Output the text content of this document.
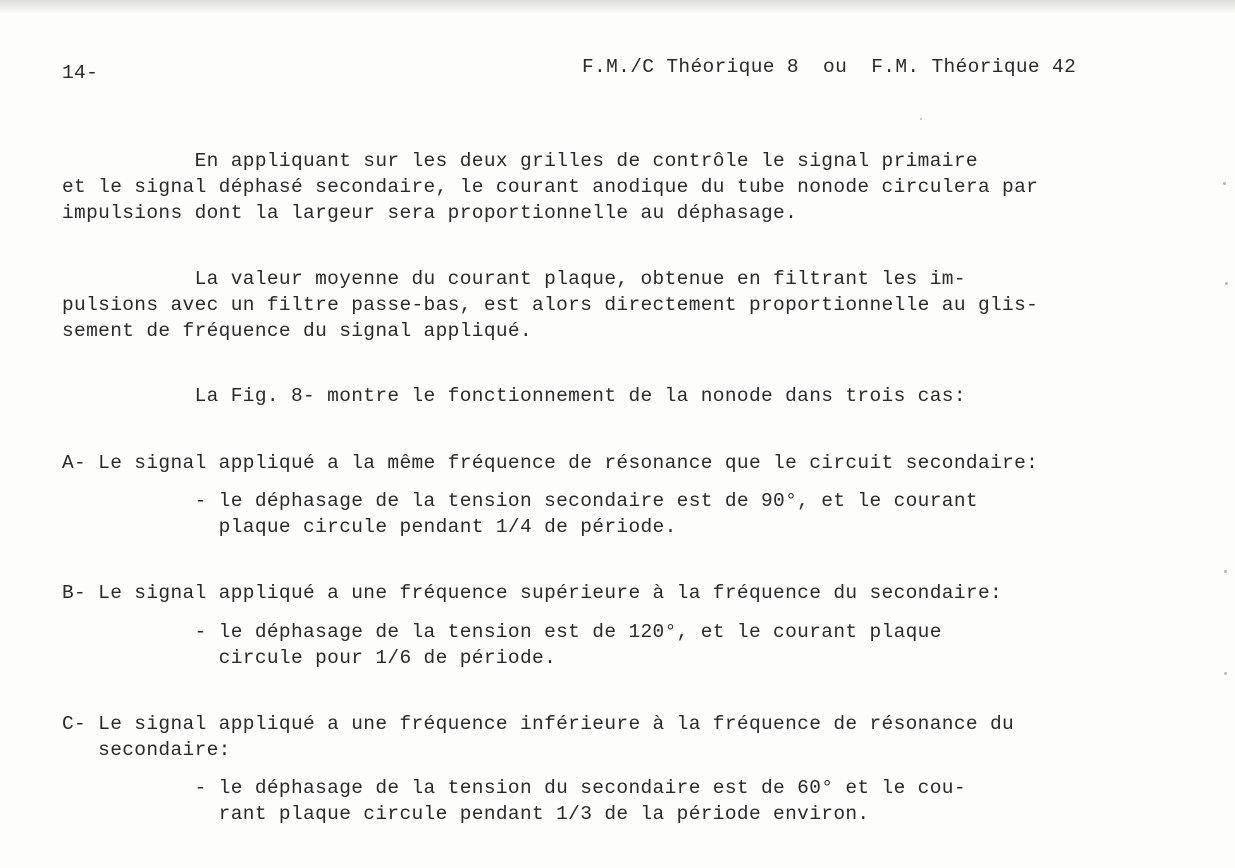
14-	F.M./C Théorique 8  ou  F.M. Théorique 42
En appliquant sur les deux grilles de contrôle le signal primaire
et le signal déphasé secondaire, le courant anodique du tube nonode circulera par
impulsions dont la largeur sera proportionnelle au déphasage.
La valeur moyenne du courant plaque, obtenue en filtrant les im-
pulsions avec un filtre passe-bas, est alors directement proportionnelle au glis-
sement de fréquence du signal appliqué.
La Fig. 8- montre le fonctionnement de la nonode dans trois cas:
A- Le signal appliqué a la même fréquence de résonance que le circuit secondaire:
- le déphasage de la tension secondaire est de 90°, et le courant
plaque circule pendant 1/4 de période.
B- Le signal appliqué a une fréquence supérieure à la fréquence du secondaire:
- le déphasage de la tension est de 120°, et le courant plaque
circule pour 1/6 de période.
C- Le signal appliqué a une fréquence inférieure à la fréquence de résonance du
secondaire:
- le déphasage de la tension du secondaire est de 60° et le cou-
rant plaque circule pendant 1/3 de la période environ.
